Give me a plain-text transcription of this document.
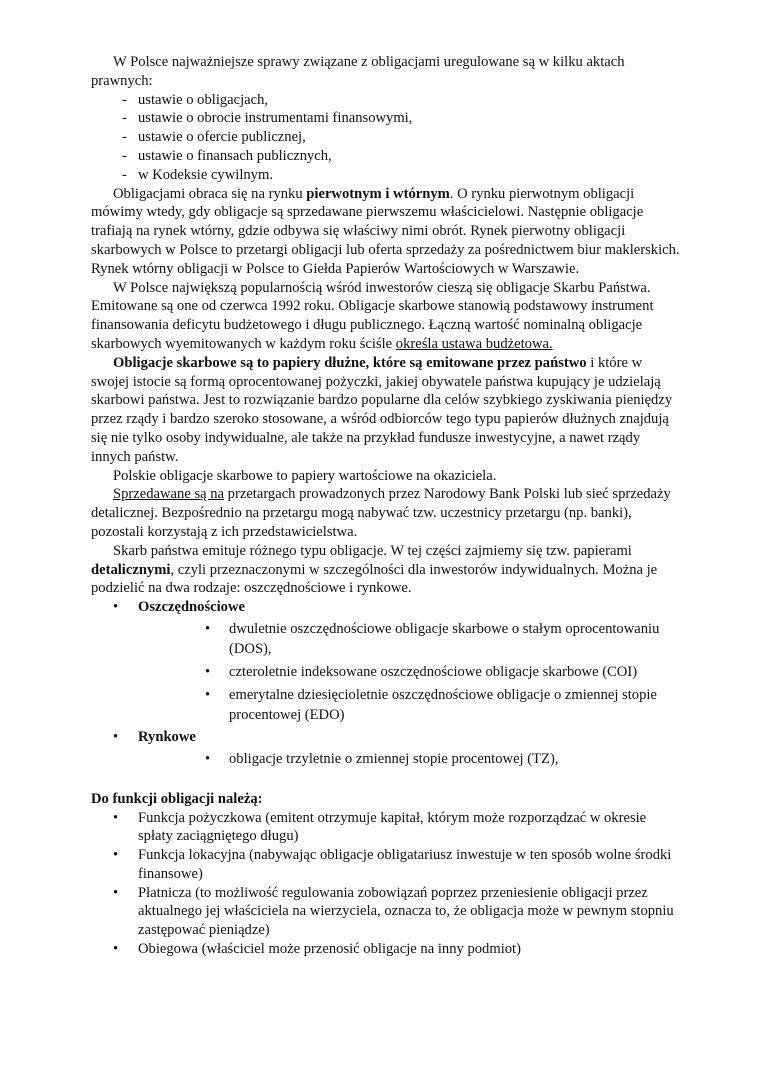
W Polsce najważniejsze sprawy związane z obligacjami uregulowane są w kilku aktach prawnych:

- ustawie o obligacjach,
- ustawie o obrocie instrumentami finansowymi,
- ustawie o ofercie publicznej,
- ustawie o finansach publicznych,
- w Kodeksie cywilnym.

Obligacjami obraca się na rynku pierwotnym i wtórnym. O rynku pierwotnym obligacji mówimy wtedy, gdy obligacje są sprzedawane pierwszemu właścicielowi. Następnie obligacje trafiają na rynek wtórny, gdzie odbywa się właściwy nimi obrót. Rynek pierwotny obligacji skarbowych w Polsce to przetargi obligacji lub oferta sprzedaży za pośrednictwem biur maklerskich. Rynek wtórny obligacji w Polsce to Giełda Papierów Wartościowych w Warszawie.

W Polsce największą popularnością wśród inwestorów cieszą się obligacje Skarbu Państwa. Emitowane są one od czerwca 1992 roku. Obligacje skarbowe stanowią podstawowy instrument finansowania deficytu budżetowego i długu publicznego. Łączną wartość nominalną obligacje skarbowych wyemitowanych w każdym roku ściśle określa ustawa budżetowa.

Obligacje skarbowe są to papiery dłużne, które są emitowane przez państwo i które w swojej istocie są formą oprocentowanej pożyczki, jakiej obywatele państwa kupujący je udzielają skarbowi państwa. Jest to rozwiązanie bardzo popularne dla celów szybkiego zyskiwania pieniędzy przez rządy i bardzo szeroko stosowane, a wśród odbiorców tego typu papierów dłużnych znajdują się nie tylko osoby indywidualne, ale także na przykład fundusze inwestycyjne, a nawet rządy innych państw.

Polskie obligacje skarbowe to papiery wartościowe na okaziciela.

Sprzedawane są na przetargach prowadzonych przez Narodowy Bank Polski lub sieć sprzedaży detalicznej. Bezpośrednio na przetargu mogą nabywać tzw. uczestnicy przetargu (np. banki), pozostali korzystają z ich przedstawicielstwa.

Skarb państwa emituje różnego typu obligacje. W tej części zajmiemy się tzw. papierami detalicznymi, czyli przeznaczonymi w szczególności dla inwestorów indywidualnych. Można je podzielić na dwa rodzaje: oszczędnościowe i rynkowe.

• Oszczędnościowe
• dwuletnie oszczędnościowe obligacje skarbowe o stałym oprocentowaniu (DOS),
• czteroletnie indeksowane oszczędnościowe obligacje skarbowe (COI)
• emerytalne dziesięcioletnie oszczędnościowe obligacje o zmiennej stopie procentowej (EDO)
• Rynkowe
• obligacje trzyletnie o zmiennej stopie procentowej (TZ),

Do funkcji obligacji należą:

• Funkcja pożyczkowa (emitent otrzymuje kapitał, którym może rozporządzać w okresie spłaty zaciągniętego długu)
• Funkcja lokacyjna (nabywając obligacje obligatariusz inwestuje w ten sposób wolne środki finansowe)
• Płatnicza (to możliwość regulowania zobowiązań poprzez przeniesienie obligacji przez aktualnego jej właściciela na wierzyciela, oznacza to, że obligacja może w pewnym stopniu zastępować pieniądze)
• Obiegowa (właściciel może przenosić obligacje na inny podmiot)
